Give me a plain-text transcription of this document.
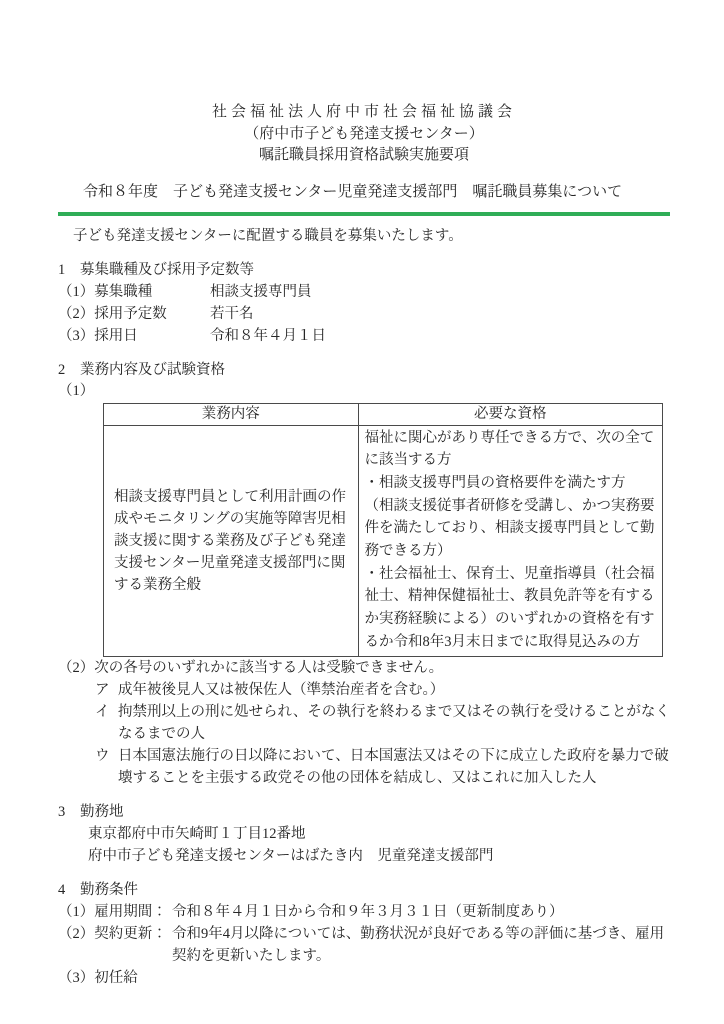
社会福祉法人府中市社会福祉協議会
（府中市子ども発達支援センター）
嘱託職員採用資格試験実施要項
令和８年度　子ども発達支援センター児童発達支援部門　嘱託職員募集について
子ども発達支援センターに配置する職員を募集いたします。
1 募集職種及び採用予定数等
（1）募集職種	相談支援専門員
（2）採用予定数	若干名
（3）採用日	令和８年４月１日
2 業務内容及び試験資格
（1）
業務内容	必要な資格
相談支援専門員として利用計画の作成やモニタリングの実施等障害児相談支援に関する業務及び子ども発達支援センター児童発達支援部門に関する業務全般	福祉に関心があり専任できる方で、次の全てに該当する方
・相談支援専門員の資格要件を満たす方
（相談支援従事者研修を受講し、かつ実務要件を満たしており、相談支援専門員として勤務できる方）
・社会福祉士、保育士、児童指導員（社会福祉士、精神保健福祉士、教員免許等を有するか実務経験による）のいずれかの資格を有するか令和8年3月末日までに取得見込みの方
（2）次の各号のいずれかに該当する人は受験できません。
ア 成年被後見人又は被保佐人（準禁治産者を含む。）
イ 拘禁刑以上の刑に処せられ、その執行を終わるまで又はその執行を受けることがなくなるまでの人
ウ 日本国憲法施行の日以降において、日本国憲法又はその下に成立した政府を暴力で破壊することを主張する政党その他の団体を結成し、又はこれに加入した人
3 勤務地
東京都府中市矢崎町１丁目12番地
府中市子ども発達支援センターはばたき内　児童発達支援部門
4 勤務条件
（1）雇用期間： 令和８年４月１日から令和９年３月３１日（更新制度あり）
（2）契約更新： 令和9年4月以降については、勤務状況が良好である等の評価に基づき、雇用契約を更新いたします。
（3）初任給
